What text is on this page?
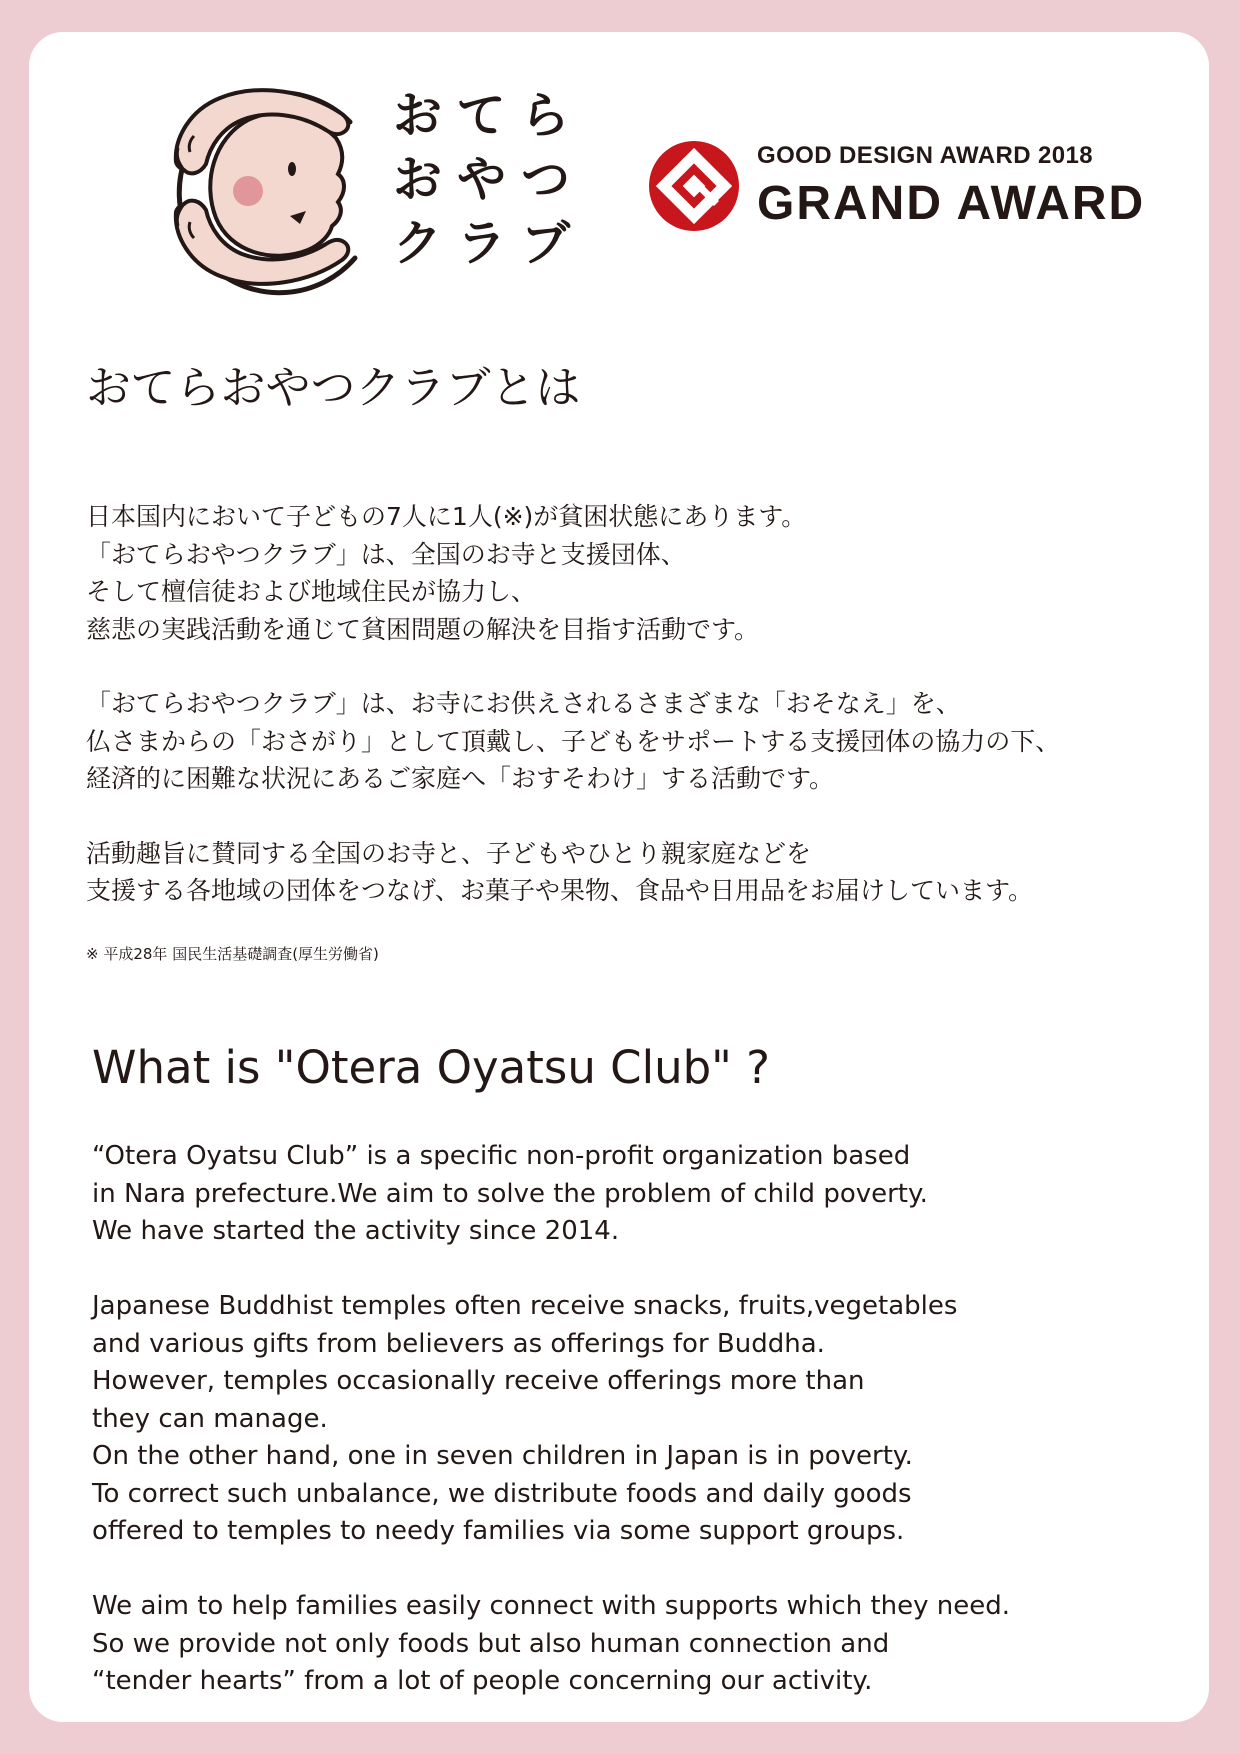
おてら
おやつ
クラブ
GOOD DESIGN AWARD 2018
GRAND AWARD
おてらおやつクラブとは

日本国内において子どもの7人に1人(※)が貧困状態にあります。
「おてらおやつクラブ」は、全国のお寺と支援団体、
そして檀信徒および地域住民が協力し、
慈悲の実践活動を通じて貧困問題の解決を目指す活動です。

「おてらおやつクラブ」は、お寺にお供えされるさまざまな「おそなえ」を、
仏さまからの「おさがり」として頂戴し、子どもをサポートする支援団体の協力の下、
経済的に困難な状況にあるご家庭へ「おすそわけ」する活動です。

活動趣旨に賛同する全国のお寺と、子どもやひとり親家庭などを
支援する各地域の団体をつなげ、お菓子や果物、食品や日用品をお届けしています。

※ 平成28年 国民生活基礎調査(厚生労働省)
What is "Otera Oyatsu Club" ?

“Otera Oyatsu Club” is a specific non-profit organization based
in Nara prefecture.We aim to solve the problem of child poverty.
We have started the activity since 2014.

Japanese Buddhist temples often receive snacks, fruits,vegetables
and various gifts from believers as offerings for Buddha.
However, temples occasionally receive offerings more than
they can manage.
On the other hand, one in seven children in Japan is in poverty.
To correct such unbalance, we distribute foods and daily goods
offered to temples to needy families via some support groups.

We aim to help families easily connect with supports which they need.
So we provide not only foods but also human connection and
“tender hearts” from a lot of people concerning our activity.
